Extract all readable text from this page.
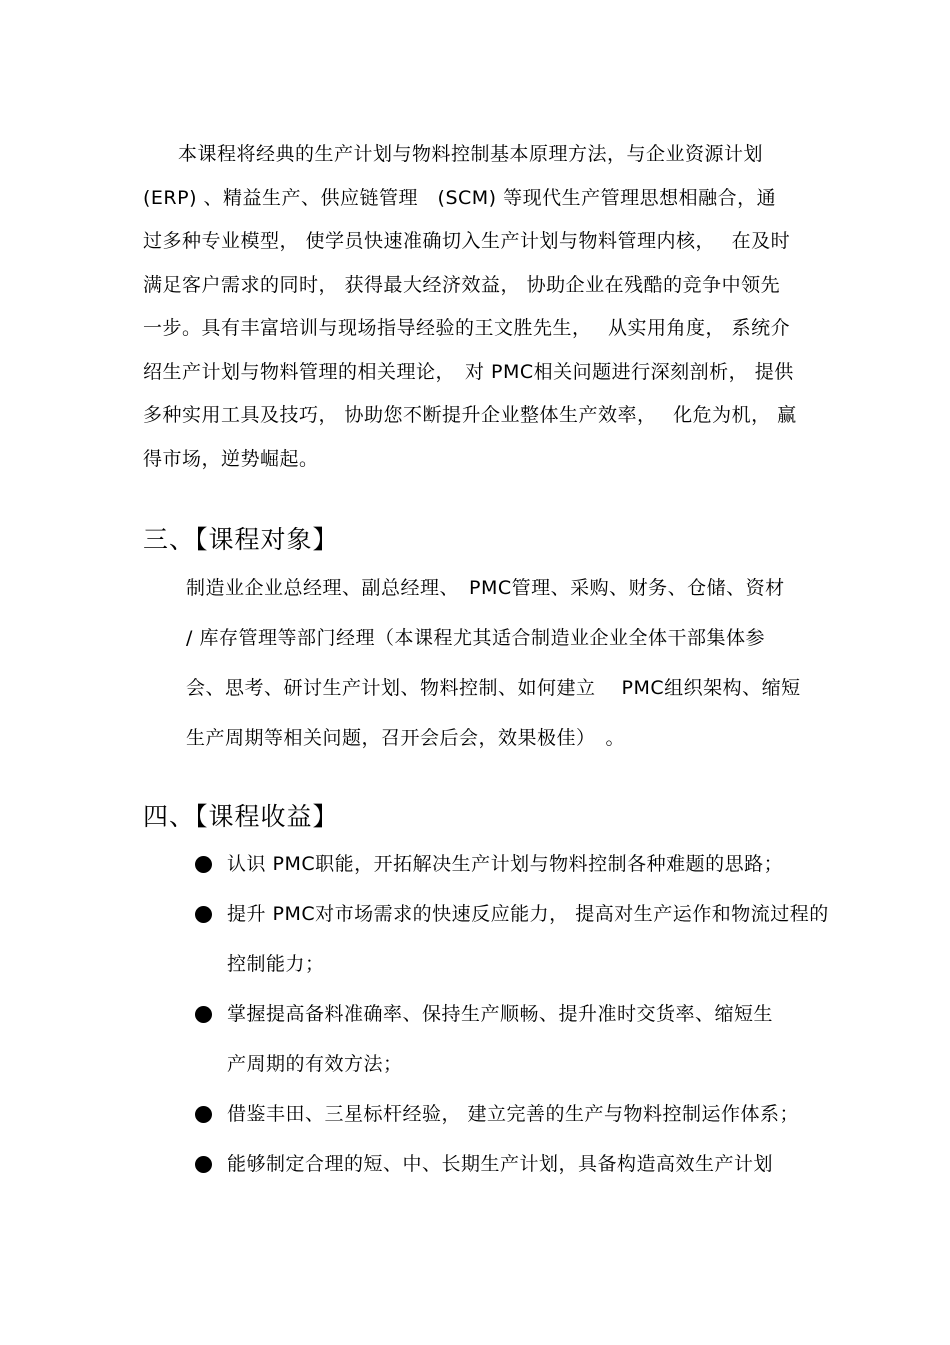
本课程将经典的生产计划与物料控制基本原理方法，与企业资源计划
(ERP) 、精益生产、供应链管理　(SCM) 等现代生产管理思想相融合，通
过多种专业模型， 使学员快速准确切入生产计划与物料管理内核，　 在及时
满足客户需求的同时， 获得最大经济效益， 协助企业在残酷的竞争中领先
一步。具有丰富培训与现场指导经验的王文胜先生，　 从实用角度， 系统介
绍生产计划与物料管理的相关理论，　对 PMC相关问题进行深刻剖析， 提供
多种实用工具及技巧， 协助您不断提升企业整体生产效率，　 化危为机， 赢
得市场，逆势崛起。
三、【课程对象】
制造业企业总经理、副总经理、　PMC管理、采购、财务、仓储、资材
/ 库存管理等部门经理（本课程尤其适合制造业企业全体干部集体参
会、思考、研讨生产计划、物料控制、如何建立　 PMC组织架构、缩短
生产周期等相关问题，召开会后会，效果极佳）　。
四、【课程收益】
认识 PMC职能，开拓解决生产计划与物料控制各种难题的思路；
提升 PMC对市场需求的快速反应能力， 提高对生产运作和物流过程的
控制能力；
掌握提高备料准确率、保持生产顺畅、提升准时交货率、缩短生
产周期的有效方法；
借鉴丰田、三星标杆经验， 建立完善的生产与物料控制运作体系；
能够制定合理的短、中、长期生产计划，具备构造高效生产计划
